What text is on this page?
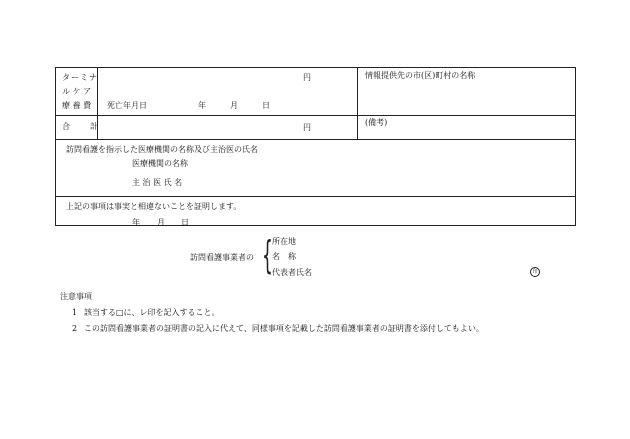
ターミナ
ル ケ ア
療 養 費
円
死亡年月日	年	月	日
情報提供先の市(区)町村の名称
合　計	円
(備考)
訪問看護を指示した医療機関の名称及び主治医の氏名
医療機関の名称
主 治 医 氏 名
上記の事項は事実と相違ないことを証明します。
年 月 日
訪問看護事業者の { 所在地
名　称
代表者氏名	印
注意事項
1 該当する□に、レ印を記入すること。
2 この訪問看護事業者の証明書の記入に代えて、同様事項を記載した訪問看護事業者の証明書を添付してもよい。
